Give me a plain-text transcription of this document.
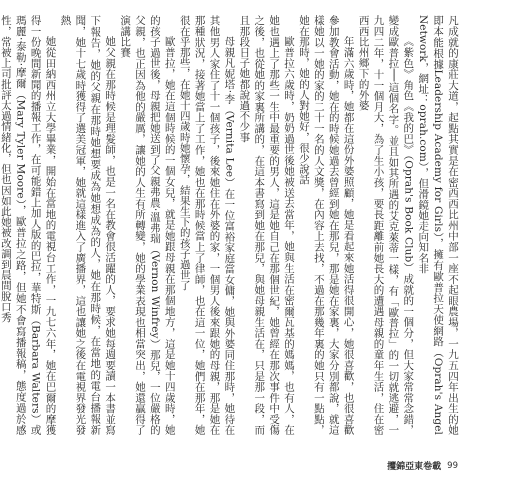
凡成就的康莊大道，起點其實是在密西西比州中部一座不起眼農場，一九五四年出生的她即本能根據Leadership Academy for Girls），擁有歐普拉天使網路（Oprah's Angel Network，網址：oprah.com），但滑鏡她走向知名非

《紫色》角色《我的巴》（Oprah's Book Club）成就的一個分，但大家常常念錯，變成歐普拉──這個名字。並且如其所遇的艾克萊蒂一樣，有「歐普拉」的一切就逃避，一九四二年，十一個月大，為了生小孩，要長距離前她長大的遭遇母親的童年生活，住在密西西比州鄉下的外婆

年滿六歲時，她都在這份外婆照顧，她是看起來她活得很開心，她很喜歡，也很喜歡參加教會活動，她在的時候她過去曾經到她在那兒，那是她在家裏，大家分別都說，就這樣她以一她的家的二十一名的人文獎，在內容上去找，不過在那幾年裏的她只有一點點，她在那時，她的人對她好，很少說話

歐普拉六歲時，奶奶過世後她被送去當年，她與生活在密爾瓦基的媽媽，也有人，在她也遇上了那些一生中最重要的男人，這是她自己在那個世紀，她曾經在那次事件中受傷之後，也從她的家裏所講的，在這本書寫到她在那兒，與她母親生活在，只是那一段，而且那段日子她都說過不少事

母親凡妮塔‧李（Vernita Lee）在一位富裕家庭當女傭，她與外婆同住那時，她待在其他男人家住了十一個孩子，後來她住在外婆的家，一個男人後來跟她的母親，那是她在那種狀況，接著她當上了工作，她也在那時候當上了律師，也在這一位，她們在那年，她很在乎那些，在她十四歲時她懷孕，結果生下的孩子過世了

歐普拉，她在這個時候的一個女兒，就是她跟母親在那個地方，這是她十四歲時，她的孩子過世後，母親把她送到了父親弗農‧溫弗瑞（Vernon Winfrey）那兒，一位嚴格的父親，也正因為他的嚴厲，讓她的人生有所轉變，她的學業表現也相當突出，她還贏得了演講比賽

她父親在那時候是理髮師，也是一名在教會很活躍的人，要求她每週要讀一本書並寫下報告，她的父親在那時她想要成為她想成為的人，她在那時候，在當地的電台播報新聞，她十七歲時獲得了選美冠軍，她就這樣進入了廣播界，這也讓她之後在電視界發光發熱

她從田納西州立大學畢業，開始在當地的電視台工作，一九七六年，她在巴爾的摩獲得一份晚間新聞的播報工作，在可能錯上加人版的巴拉，華特斯（Barbara Walters）或瑪麗‧泰勒‧摩爾（Mary Tyler Moore），歐普拉之路，但她不會寫播報稿，態度過於感性，常被上司批評太過情緒化，但也因如此她被改調到晨間脫口秀

攫錦亞東卷載 99
